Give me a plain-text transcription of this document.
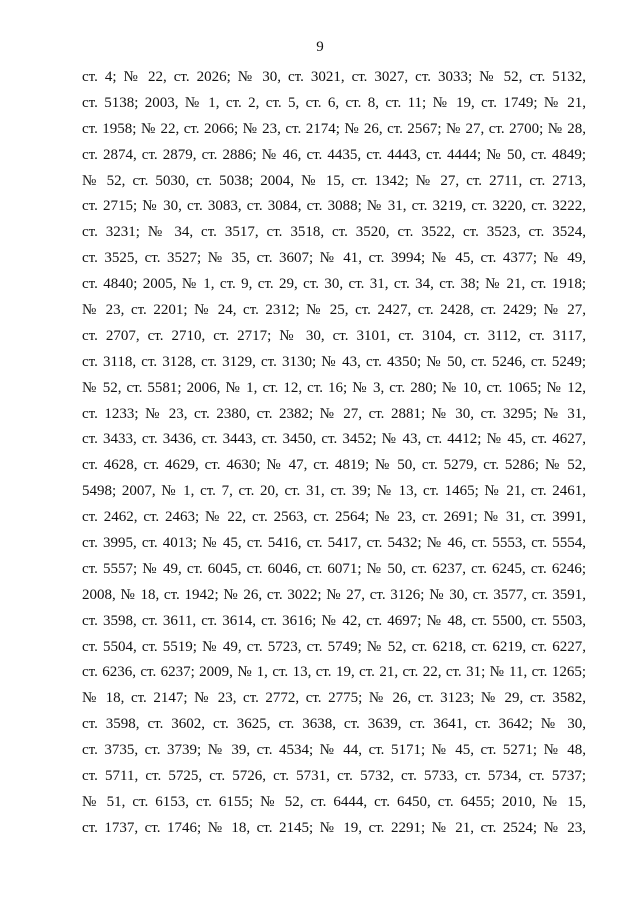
9
ст. 4; № 22, ст. 2026; № 30, ст. 3021, ст. 3027, ст. 3033; № 52, ст. 5132,
ст. 5138; 2003, № 1, ст. 2, ст. 5, ст. 6, ст. 8, ст. 11; № 19, ст. 1749; № 21,
ст. 1958; № 22, ст. 2066; № 23, ст. 2174; № 26, ст. 2567; № 27, ст. 2700; № 28,
ст. 2874, ст. 2879, ст. 2886; № 46, ст. 4435, ст. 4443, ст. 4444; № 50, ст. 4849;
№ 52, ст. 5030, ст. 5038; 2004, № 15, ст. 1342; № 27, ст. 2711, ст. 2713,
ст. 2715; № 30, ст. 3083, ст. 3084, ст. 3088; № 31, ст. 3219, ст. 3220, ст. 3222,
ст. 3231; № 34, ст. 3517, ст. 3518, ст. 3520, ст. 3522, ст. 3523, ст. 3524,
ст. 3525, ст. 3527; № 35, ст. 3607; № 41, ст. 3994; № 45, ст. 4377; № 49,
ст. 4840; 2005, № 1, ст. 9, ст. 29, ст. 30, ст. 31, ст. 34, ст. 38; № 21, ст. 1918;
№ 23, ст. 2201; № 24, ст. 2312; № 25, ст. 2427, ст. 2428, ст. 2429; № 27,
ст. 2707, ст. 2710, ст. 2717; № 30, ст. 3101, ст. 3104, ст. 3112, ст. 3117,
ст. 3118, ст. 3128, ст. 3129, ст. 3130; № 43, ст. 4350; № 50, ст. 5246, ст. 5249;
№ 52, ст. 5581; 2006, № 1, ст. 12, ст. 16; № 3, ст. 280; № 10, ст. 1065; № 12,
ст. 1233; № 23, ст. 2380, ст. 2382; № 27, ст. 2881; № 30, ст. 3295; № 31,
ст. 3433, ст. 3436, ст. 3443, ст. 3450, ст. 3452; № 43, ст. 4412; № 45, ст. 4627,
ст. 4628, ст. 4629, ст. 4630; № 47, ст. 4819; № 50, ст. 5279, ст. 5286; № 52,
5498; 2007, № 1, ст. 7, ст. 20, ст. 31, ст. 39; № 13, ст. 1465; № 21, ст. 2461,
ст. 2462, ст. 2463; № 22, ст. 2563, ст. 2564; № 23, ст. 2691; № 31, ст. 3991,
ст. 3995, ст. 4013; № 45, ст. 5416, ст. 5417, ст. 5432; № 46, ст. 5553, ст. 5554,
ст. 5557; № 49, ст. 6045, ст. 6046, ст. 6071; № 50, ст. 6237, ст. 6245, ст. 6246;
2008, № 18, ст. 1942; № 26, ст. 3022; № 27, ст. 3126; № 30, ст. 3577, ст. 3591,
ст. 3598, ст. 3611, ст. 3614, ст. 3616; № 42, ст. 4697; № 48, ст. 5500, ст. 5503,
ст. 5504, ст. 5519; № 49, ст. 5723, ст. 5749; № 52, ст. 6218, ст. 6219, ст. 6227,
ст. 6236, ст. 6237; 2009, № 1, ст. 13, ст. 19, ст. 21, ст. 22, ст. 31; № 11, ст. 1265;
№ 18, ст. 2147; № 23, ст. 2772, ст. 2775; № 26, ст. 3123; № 29, ст. 3582,
ст. 3598, ст. 3602, ст. 3625, ст. 3638, ст. 3639, ст. 3641, ст. 3642; № 30,
ст. 3735, ст. 3739; № 39, ст. 4534; № 44, ст. 5171; № 45, ст. 5271; № 48,
ст. 5711, ст. 5725, ст. 5726, ст. 5731, ст. 5732, ст. 5733, ст. 5734, ст. 5737;
№ 51, ст. 6153, ст. 6155; № 52, ст. 6444, ст. 6450, ст. 6455; 2010, № 15,
ст. 1737, ст. 1746; № 18, ст. 2145; № 19, ст. 2291; № 21, ст. 2524; № 23,
